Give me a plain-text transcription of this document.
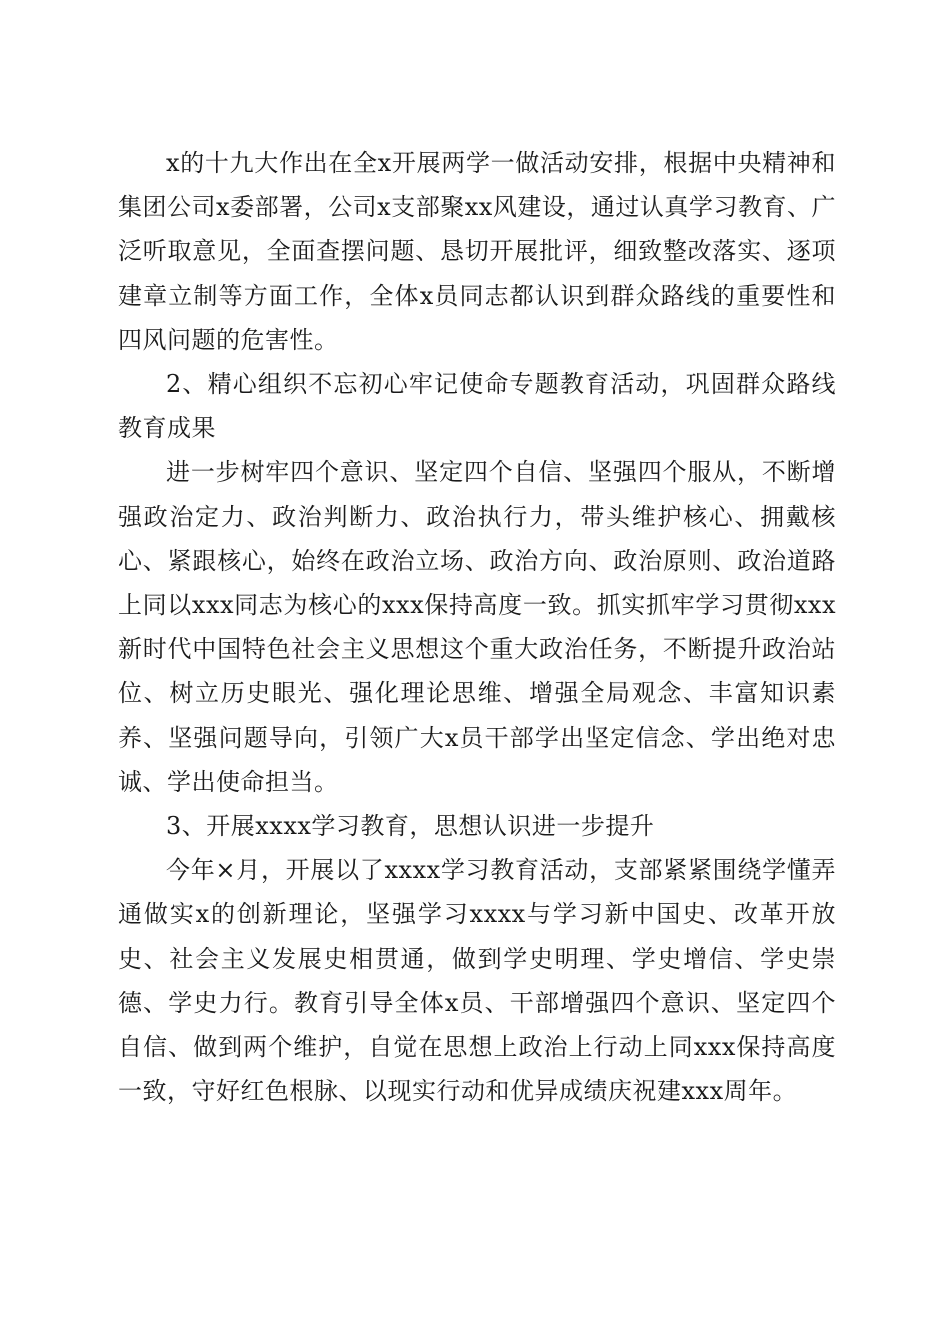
x的十九大作出在全x开展两学一做活动安排，根据中央精神和集团公司x委部署，公司x支部聚xx风建设，通过认真学习教育、广泛听取意见，全面查摆问题、恳切开展批评，细致整改落实、逐项建章立制等方面工作，全体x员同志都认识到群众路线的重要性和四风问题的危害性。

2、精心组织不忘初心牢记使命专题教育活动，巩固群众路线教育成果

进一步树牢四个意识、坚定四个自信、坚强四个服从，不断增强政治定力、政治判断力、政治执行力，带头维护核心、拥戴核心、紧跟核心，始终在政治立场、政治方向、政治原则、政治道路上同以xxx同志为核心的xxx保持高度一致。抓实抓牢学习贯彻xxx新时代中国特色社会主义思想这个重大政治任务，不断提升政治站位、树立历史眼光、强化理论思维、增强全局观念、丰富知识素养、坚强问题导向，引领广大x员干部学出坚定信念、学出绝对忠诚、学出使命担当。

3、开展xxxx学习教育，思想认识进一步提升

今年×月，开展以了xxxx学习教育活动，支部紧紧围绕学懂弄通做实x的创新理论，坚强学习xxxx与学习新中国史、改革开放史、社会主义发展史相贯通，做到学史明理、学史增信、学史崇德、学史力行。教育引导全体x员、干部增强四个意识、坚定四个自信、做到两个维护，自觉在思想上政治上行动上同xxx保持高度一致，守好红色根脉、以现实行动和优异成绩庆祝建xxx周年。
